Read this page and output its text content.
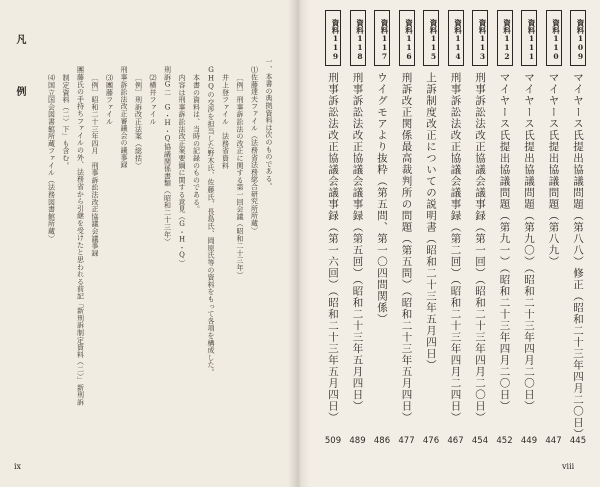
凡　例	一、本書の典拠資料は次のものである。
⑴佐藤達夫ファイル（法務省法務総合研究所所蔵）
〔例〕刑事訴訟法の改正に関する第一回会議（昭和二十三年）
井上登ファイル　法務省資料
GHQの交渉を担当した野木氏、佐藤氏、長島氏、岡原氏等の資料をもって各項を構成した。
本書の資料は、当時の記録のものである。
内容は刑事訴訟法改正案要綱に関する意見（G・H・Q）
刑訴G二　G・H・Q協議関係書類（昭和二十三年）
⑵横井ファイル
〔例〕刑訴改正法案（総括）
刑事訴訟法改正審議会の議事録
⑶團藤ファイル
〔例〕昭和二十三年四月　刑事訴訟法改正協議会議事録
團藤氏の手持ちファイルの外、法務省から引継を受けたと思われる前記「新刑訴制定資料（二）」新刑訴
制定資料（二）下」も含む。
⑷国立国会図書館所蔵ファイル（法務図書館所蔵）
ix
資料109
マイヤース氏提出協議問題（第八八）修正（昭和二十三年四月二〇日）
445
資料110
マイヤース氏提出協議問題（第八九）
447
資料111
マイヤース氏提出協議問題（第九〇）（昭和二十三年四月二〇日）
449
資料112
マイヤース氏提出協議問題（第九一）（昭和二十三年四月二〇日）
452
資料113
刑事訴訟法改正協議会議事録（第一回）（昭和二十三年四月二〇日）
454
資料114
刑事訴訟法改正協議会議事録（第二回）（昭和二十三年四月二四日）
467
資料115
上訴制度改正についての説明書（昭和二十三年五月四日）
476
資料116
刑訴改正関係最高裁判所の問題（第五問）（昭和二十三年五月四日）
477
資料117
ウイグモアより抜粋（第五問、第一〇四問関係）
486
資料118
刑事訴訟法改正協議会議事録（第五回）（昭和二十三年五月四日）
489
資料119
刑事訴訟法改正協議会議事録（第一六回）（昭和二十三年五月四日）
509
viii
